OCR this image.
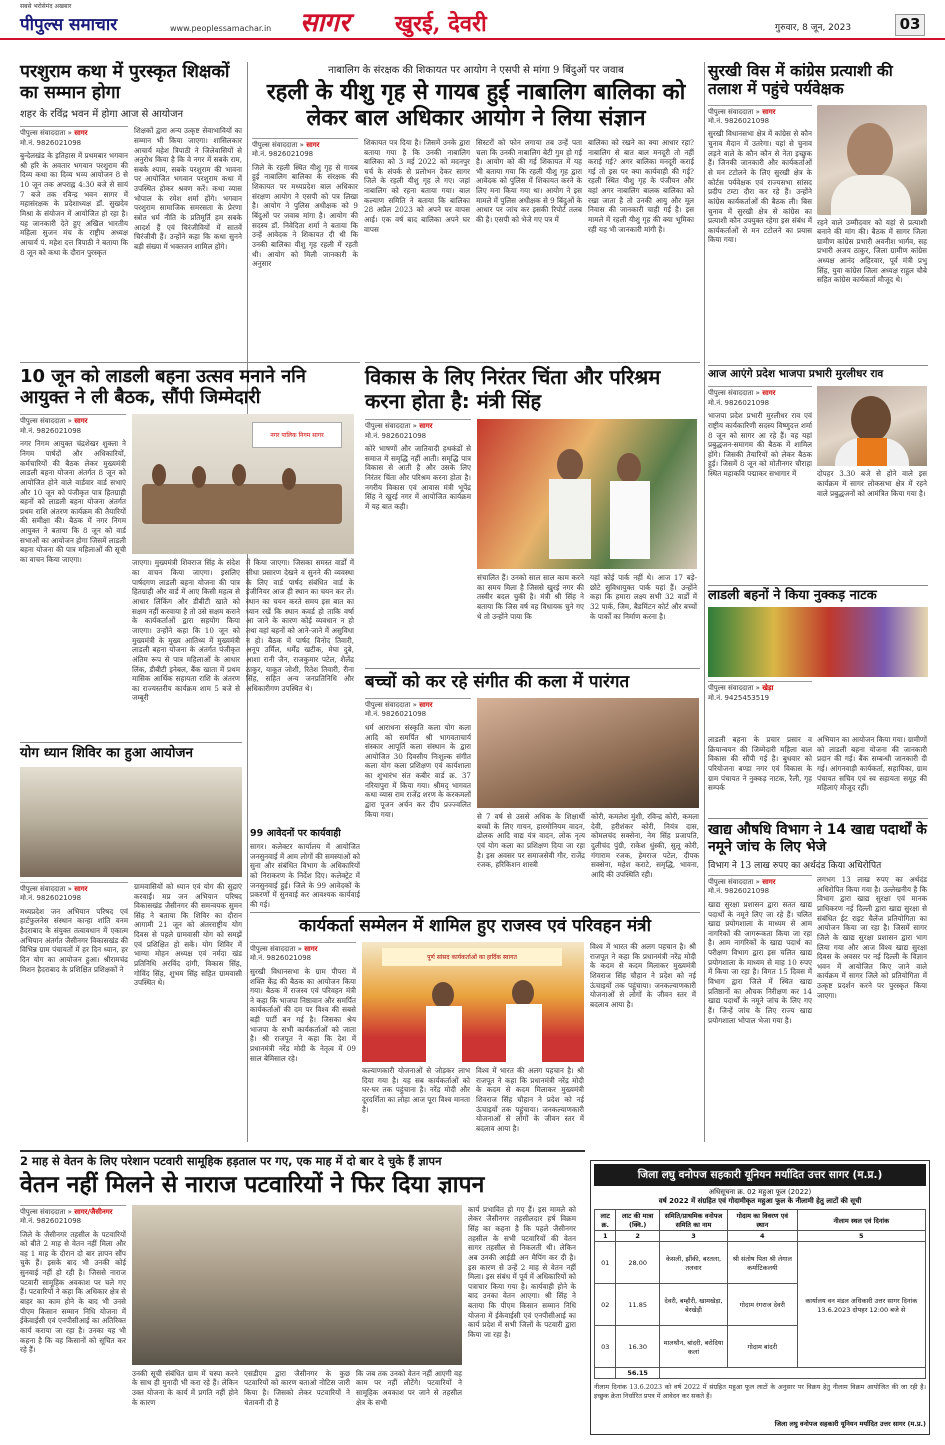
पीपुल्स समाचार	www.peoplessamachar.in
सबसे भरोसेमंद अखबार
सागर	खुरई, देवरी	गुरुवार, 8 जून, 2023	03
परशुराम कथा में पुरस्कृत शिक्षकों का सम्मान होगा
शहर के रविंद्र भवन में होगा आज से आयोजन
पीपुल्स संवाददाता » सागर
मो.नं. 9826021098
बुन्देलखंड के इतिहास में प्रथमबार भगवान श्री हरि के अवतार भगवान परशुराम की दिव्य कथा का दिव्य भव्य आयोजन 8 से 10 जून तक अपराह्न 4:30 बजे से सायं 7 बजे तक रविन्द्र भवन सागर में महासंरक्षक के प्रदेशाध्यक्ष डॉ. सुखदेव मिश्रा के संयोजन में आयोजित हो रहा है। यह जानकारी देते हुए अखिल भारतीय महिला सुजन मंच के राष्ट्रीय अध्यक्ष आचार्य पं. महेश दत्त त्रिपाठी ने बताया कि 8 जून को कथा के दौरान पुरस्कृत
शिक्षकों द्वारा अन्य उत्कृष्ट सेवाभावियों का सम्मान भी किया जाएगा। शासिलकार आचार्य महेश त्रिपाठी ने जिलेवासियों से अनुरोध किया है कि वे नगर में सबके राम, सबके श्याम, सबके परशुराम की भावना पर आयोजित भगवान परशुराम कथा में उपस्थित होकर श्रवण करें। कथा व्यास भोपाल के रमेश शर्मा होंगे। भगवान परशुराम सामाजिक समरसता के प्रेरणा स्त्रोत धर्म नीति के प्रतिमूर्ति हम सबके आदर्श हैं एवं चिरंजीवियों में सातवें चिरंजीवी हैं। उन्होंने कहा कि कथा सुनने बड़ी संख्या में भक्तजन शामिल होंगे।
नाबालिग के संरक्षक की शिकायत पर आयोग ने एसपी से मांगा 9 बिंदुओं पर जवाब
रहली के यीशु गृह से गायब हुई नाबालिग बालिका को लेकर बाल अधिकार आयोग ने लिया संज्ञान
पीपुल्स संवाददाता » सागर
मो.नं. 9826021098
जिले के रहली स्थित यीशु गृह से गायब हुई नाबालिग बालिका के संरक्षक की शिकायत पर मध्यप्रदेश बाल अधिकार संरक्षण आयोग ने एसपी को पत्र लिखा है। आयोग ने पुलिस अधीक्षक को 9 बिंदुओं पर जवाब मांगा है। आयोग की सदस्य डॉ. निवेदिता शर्मा ने बताया कि उन्हें आवेदक ने शिकायत दी थी कि उनकी बालिका यीशु गृह रहली में रहती थी। आयोग को मिली जानकारी के अनुसार
शिकायत पत्र दिया है। जिसमें उनके द्वारा बताया गया है कि उनकी नाबालिग बालिका को 3 मई 2022 को मदनपुर चर्च के संपर्क से प्रलोभन देकर सागर जिले के रहली यीशु गृह ले गए। जहां नाबालिग को रहना बताया गया। बाल कल्याण समिति ने बताया कि बालिका 28 अप्रैल 2023 को अपने घर वापस आई। एक वर्ष बाद बालिका अपने घर वापस
सिस्टरों को फोन लगाया तब उन्हें पता चला कि उनकी नाबालिग बेटी गुम हो गई है। आयोग को की गई शिकायत में यह भी बताया गया कि रहली यीशु गृह द्वारा आवेदक को पुलिस में शिकायत करने के लिए मना किया गया था। आयोग ने इस मामले में पुलिस अधीक्षक से 9 बिंदुओं के आधार पर जांच कर इसकी रिपोर्ट तलब की है। एसपी को भेजे गए पत्र में
बालिका को रखने का क्या आधार रहा? नाबालिग से बात बाल मनदूरी तो नहीं कराई गई? अगर बालिका मनदूरी कराई गई तो इस पर क्या कार्यवाही की गई? रहली स्थित यीशु गृह के पंजीयन और वहां अगर नाबालिग बालक बालिका को रखा जाता है तो उनकी आयु और मूल निवास की जानकारी चाही गई है। इस मामले में रहली यीशु गृह की क्या भूमिका रही यह भी जानकारी मांगी है।
सुरखी विस में कांग्रेस प्रत्याशी की तलाश में पहुंचे पर्यवेक्षक
पीपुल्स संवाददाता » सागर
मो.नं. 9826021098
सुरखी विधानसभा क्षेत्र में कांग्रेस से कौन चुनाव मैदान में उतरेगा। यहां से चुनाव लड़ने वाले के कौन कौन से नेता इच्छुक हैं। जिनकी जानकारी और कार्यकर्ताओं से मन टटोलने के लिए सुरखी क्षेत्र के कोर्टस पर्यवेक्षक एवं राज्यसभा सांसद प्रदीप टम्टा दौरा कर रहे हैं। उन्होंने कांग्रेस कार्यकर्ताओं की बैठक ली। बिस चुनाव में सुरखी क्षेत्र से कांग्रेस का प्रत्याशी कौन उपयुक्त रहेगा इस संबंध में कार्यकर्ताओं से मन टटोलने का प्रयास किया गया।
रहने वाले उम्मीदवार को यहां से प्रत्याशी बनाने की मांग की। बैठक में सागर जिला ग्रामीण कांग्रेस प्रभारी अवनीश भार्गव, सह प्रभारी अजय ठाकुर, जिला ग्रामीण कांग्रेस अध्यक्ष आनंद अहिरवार, पूर्व मंत्री प्रभु सिंह, युवा कांग्रेस जिला अध्यक्ष राहुल चौबे सहित कांग्रेस कार्यकर्ता मौजूद थे।
आज आएंगे प्रदेश भाजपा प्रभारी मुरलीधर राव
पीपुल्स संवाददाता » सागर
मो.नं. 9826021098
भाजपा प्रदेश प्रभारी मुरलीधर राव एवं राष्ट्रीय कार्यकारिणी सदस्य विष्णुदत्त शर्मा 8 जून को सागर आ रहे हैं। वह यहां प्रबुद्धजन-समागम की बैठक में शामिल होंगे। जिसकी तैयारियों को लेकर बैठक हुई। जिसमें 8 जून को मोतीनगर चौराहा स्थित महाकवि पद्माकर सभागार में	दोपहर 3.30 बजे से होने वाले इस कार्यक्रम में सागर लोकसभा क्षेत्र में रहने वाले प्रबुद्धजनों को आमंत्रित किया गया है।
10 जून को लाडली बहना उत्सव मनाने ननि आयुक्त ने ली बैठक, सौंपी जिम्मेदारी
पीपुल्स संवाददाता » सागर
मो.नं. 9826021098
नगर निगम आयुक्त चंद्रशेखर शुक्ला ने निगम पार्षदों और अधिकारियों, कर्मचारियों की बैठक लेकर मुख्यमंत्री लाडली बहना योजना अंतर्गत 8 जून को आयोजित होने वाले वार्डवार वार्ड सभाएं और 10 जून को पंजीकृत पात्र हितग्राही बहनों को लाडली बहना योजना अंतर्गत प्रथम राशि अंतरण कार्यक्रम की तैयारियों की समीक्षा की। बैठक में नगर निगम आयुक्त ने बताया कि 8 जून को वार्ड सभाओं का आयोजन होगा जिसमें लाडली बहना योजना की पात्र महिलाओं की सूची का वाचन किया जाएगा।
नगर पालिक निगम सागर
जाएगा। मुख्यमंत्री शिवराज सिंह के संदेश का वाचन किया जाएगा। इसलिए पार्षदगण लाडली बहना योजना की पात्र हितग्राही और वार्ड में आए किसी महत्व से आधार लिंकिंग और डीबीटी खाते को सक्षम नहीं करवाया है तो उसे सक्षम कराने के कार्यकर्ताओं द्वारा सहयोग किया जाएगा। उन्होंने कहा कि 10 जून को मुख्यमंत्री के मुख्य आतिथ्य में मुख्यमंत्री लाडली बहना योजना के अंतर्गत पंजीकृत अंतिम रूप से पात्र महिलाओं के आधार लिंक, डीबीटी इनेबल, बैंक खाता में प्रथम मासिक आर्थिक सहायता राशि के अंतरण का राज्यस्तरीय कार्यक्रम शाम 5 बजे से जम्बूरी
में किया जाएगा। जिसका समस्त वार्डों में सीधा प्रसारण देखने व सुनने की व्यवस्था के लिए वार्ड पार्षद संबंधित वार्ड के इंजीनियर आज ही स्थान का चयन कर लें। स्थान का चयन करते समय इस बात का ध्यान रखें कि स्थान कवर्ड हो ताकि वर्षा आ जाने के कारण कोई व्यवधान न हो तथा वहां बहनों को आने-जाने में असुविधा न हो। बैठक में पार्षद विनोद तिवारी, अनूप उर्मिल, धर्मेंद्र खटीक, मेघा दुबे, आशा रानी जैन, राजकुमार पटेल, शैलेंद्र ठाकुर, याकूत जोशी, रितेश तिवारी, रीना सिंह, सहित अन्य जनप्रतिनिधि और अधिकारीगण उपस्थित थे।
विकास के लिए निरंतर चिंता और परिश्रम करना होता है: मंत्री सिंह
पीपुल्स संवाददाता » सागर
मो.नं. 9826021098
कोरे भाषणों और जातिवादी हथकंडों से समाज में समृद्धि नहीं आती। समृद्धि पात्र विकास से आती है और उसके लिए निरंतर चिंता और परिश्रम करना होता है। नगरीय विकास एवं आवास मंत्री भूपेंद्र सिंह ने खुरई नगर में आयोजित कार्यक्रम में यह बात कही।
संचालित हैं। उनको साल साल काम करने का समय मिला है जिससे खुरई नगर की तस्वीर बदल चुकी है। मंत्री श्री सिंह ने बताया कि जिस वर्ष वह विधायक चुने गए थे तो उन्होंने पाया कि
यहां कोई पार्क नहीं थे। आज 17 बड़े- छोटे सुविधायुक्त पार्क यहां हैं। उन्होंने कहा कि हमारा लक्ष्य सभी 32 वार्डों में 32 पार्क, जिम, बैडमिंटन कोर्ट और बच्चों के पार्कों का निर्माण करना है।
बच्चों को कर रहे संगीत की कला में पारंगत
पीपुल्स संवाददाता » सागर
मो.नं. 9826021098
धर्म आराधना संस्कृति कला योग कला आदि को समर्पित श्री भागवताचार्य संस्कार आपूर्ति कला संस्थान के द्वारा आयोजित 30 दिवसीय निःशुल्क संगीत कला योग कला प्रशिक्षण एवं कार्यशाला का शुभारंभ संत कबीर वार्ड क्र. 37 नरियापुरा में किया गया। श्रीमद् भागवत कथा व्यास राम राजेंद्र शरण के करकमलों द्वारा पूजन अर्चन कर दीप प्रज्ज्वलित किया गया।	से 7 वर्ष से उससे अधिक के शिक्षार्थी बच्चों के लिए गायन, हारमोनियम वादन, ढोलक आदि वाद्य यंत्र वादन, लोक नृत्य एवं योग कला का प्रशिक्षण दिया जा रहा है। इस अवसर पर समाजसेवी गौर, राजेंद्र रजक, हरिकिशन शास्त्री
कोरी, कमलेश मुंशी, रविन्द्र कोरी, कमला देवी, हरीशंकर कोरी, नियंत्र दास, कोमलचंद सक्सेना, नेम सिंह प्रजापति, दुलीचंद पुंग्री, राकेश धुंस्की, सुलू कोरी, गंगाराम रजक, हेमराज पटेल, दीपक सक्सेना, महेश कराटे, समृद्धि, भावना, आदि की उपस्थिति रही।
99 आवेदनों पर कार्यवाही
सागर। कलेक्टर कार्यालय में आयोजित जनसुनवाई में आम लोगों की समस्याओं को सुना और संबंधित विभाग के अधिकारियों को निराकरण के निर्देश दिए। कलेक्ट्रेट में जनसुनवाई हुई। जिले के 99 आवेदकों के प्रकरणों में सुनवाई कर आवश्यक कार्यवाई की गई।
योग ध्यान शिविर का हुआ आयोजन
पीपुल्स संवाददाता » सागर
मो.नं. 9826021098
मध्यप्रदेश जन अभियान परिषद एवं हार्टफुलनेस संस्थान कान्हा शांति वनम हैदराबाद के संयुक्त तत्वावधान में एकात्म अभियान अंतर्गत जैसीनगर विकासखंड की विभिन्न ग्राम पंचायतों में हर दिन ध्यान, हर दिन योग का आयोजन हुआ। श्रीरामचंद्र मिशन हैदराबाद के प्रशिक्षित प्रशिक्षकों ने
ग्रामवासियों को ध्यान एवं योग की सुद्राएं करवाईं। मप्र जन अभियान परिषद विकासखंड जैसीनगर की समन्वयक सुमन सिंह ने बताया कि शिविर का दौरान आगामी 21 जून को अंतरराष्ट्रीय योग दिवस से पहले ग्रामवासी योग को समझें एवं प्रशिक्षित हो सकें। योग शिविर में भाग्या मोहन अध्यक्ष एवं नर्मदा खंड प्रतिनिधि अरविंद दांगी, विकास सिंह, गोविंद सिंह, शुभम सिंह सहित ग्रामवासी उपस्थित थे।
कार्यकर्ता सम्मेलन में शामिल हुए राजस्व एवं परिवहन मंत्री
पीपुल्स संवाददाता » सागर
मो.नं. 9826021098
सुरखी विधानसभा के ग्राम पीपरा में शक्ति केंद्र की बैठक का आयोजन किया गया। बैठक में राजस्व एवं परिवहन मंत्री ने कहा कि भाजपा निष्ठावान और समर्पित कार्यकर्ताओं की दम पर विश्व की सबसे बड़ी पार्टी बन गई है। जिसका श्रेय भाजपा के सभी कार्यकर्ताओं को जाता है। श्री राजपूत ने कहा कि देश में प्रधानमंत्री नरेंद्र मोदी के नेतृत्व में 09 साल बेमिसाल रहे।
पूर्ण सांसद कार्यकर्ताओं का हार्दिक स्वागत
कल्याणकारी योजनाओं से जोड़कर लाभ दिया गया है। यह सब कार्यकर्ताओं को घर-घर तक पहुंचाना है। नरेंद्र मोदी और दूरदर्शिता का लोहा आज पूरा विश्व मानता है।
विश्व में भारत की अलग पहचान है। श्री राजपूत ने कहा कि प्रधानमंत्री नरेंद्र मोदी के कदम से कदम मिलाकर मुख्यमंत्री शिवराज सिंह चौहान ने प्रदेश को नई ऊंचाइयों तक पहुंचाया। जनकल्याणकारी योजनाओं से लोगों के जीवन स्तर में बदलाव आया है।
विश्व में भारत की अलग पहचान है। श्री राजपूत ने कहा कि प्रधानमंत्री नरेंद्र मोदी के कदम से कदम मिलाकर मुख्यमंत्री शिवराज सिंह चौहान ने प्रदेश को नई ऊंचाइयों तक पहुंचाया। जनकल्याणकारी योजनाओं से लोगों के जीवन स्तर में बदलाव आया है।
लाडली बहनों ने किया नुक्कड़ नाटक
पीपुल्स संवाददाता » खेड़ा
मो.नं. 9425453519
लाडली बहना के प्रचार प्रसार व क्रियान्वयन की जिम्मेदारी महिला बाल विकास की सौंपी गई है। बुधवार को परियोजना बण्डा नगर एवं विकास के ग्राम पंचायत ने नुक्कड़ नाटक, रैली, गृह सम्पर्क
अभियान का आयोजन किया गया। ग्रामीणों को लाडली बहना योजना की जानकारी प्रदान की गई। बैंक सम्बन्धी जानकारी दी गई। आंगनवाड़ी कार्यकर्ता, सहायिका, ग्राम पंचायत सचिव एवं स्व सहायता समूह की महिलाएं मौजूद रहीं।
खाद्य औषधि विभाग ने 14 खाद्य पदार्थों के नमूने जांच के लिए भेजे
विभाग ने 13 लाख रुपए का अर्थदंड किया अधिरोपित
पीपुल्स संवाददाता » सागर
मो.नं. 9826021098
खाद्य सुरक्षा प्रशासन द्वारा सतत खाद्य पदार्थों के नमूने लिए जा रहे हैं। चलित खाद्य प्रयोगशाला के माध्यम से आम नागरिकों की जागरूकता किया जा रहा है। आम नागरिकों के खाद्य पदार्थ का परीक्षण विभाग द्वारा इस चलित खाद्य प्रयोगशाला के माध्यम से माह 10 रुपए में किया जा रहा है। विगत 15 दिवस में विभाग द्वारा जिले में स्थित खाद्य प्रतिष्ठानों का औचक निरीक्षण कर 14 खाद्य पदार्थों के नमूने जांच के लिए गए हैं। जिन्हें जांच के लिए राज्य खाद्य प्रयोगशाला भोपाल भेजा गया है।
लगभग 13 लाख रुपए का अर्थदंड अधिरोपित किया गया है। उल्लेखनीय है कि विभाग द्वारा खाद्य सुरक्षा एवं मानक प्राधिकरण नई दिल्ली द्वारा खाद्य सुरक्षा से संबंधित ईट राइट चैलेंज प्रतियोगिता का आयोजन किया जा रहा है। जिसमें सागर जिले के खाद्य सुरक्षा प्रशासन द्वारा भाग लिया गया और आज विश्व खाद्य सुरक्षा दिवस के अवसर पर नई दिल्ली के विज्ञान भवन में आयोजित किए जाने वाले कार्यक्रम में सागर जिले को प्रतियोगिता में उत्कृष्ट प्रदर्शन करने पर पुरस्कृत किया जाएगा।
2 माह से वेतन के लिए परेशान पटवारी सामूहिक हड़ताल पर गए, एक माह में दो बार दे चुके हैं ज्ञापन
वेतन नहीं मिलने से नाराज पटवारियों ने फिर दिया ज्ञापन
पीपुल्स संवाददाता » सागर/जैसीनगर
मो.नं. 9826021098
जिले के जैसीनगर तहसील के पटवारियों को बीते 2 माह से वेतन नहीं मिला और वह 1 माह के दौरान दो बार ज्ञापन सौंप चुके हैं। इसके बाद भी उनकी कोई सुनवाई नहीं हो रही है। जिससे नाराज पटवारी सामूहिक अवकाश पर चले गए हैं। पटवारियों ने कहा कि अधिकार क्षेत्र से बाहर का काम होने के बाद भी उनसे पीएम किसान सम्मान निधि योजना में ईकेवाईसी एवं एनपीसीआई का अतिरिक्त कार्य कराया जा रहा है। उनका यह भी कहना है कि वह किसानों को सूचित कर रहे हैं।
उनकी सूची संबंधित ग्राम में चस्पा करने के साथ ही मुनादी भी करा रहे हैं। लेकिन उक्त योजना के कार्य में प्रगति नहीं होने के कारण
एसडीएम द्वारा जैसीनगर के कुछ पटवारियों को कारण बताओ नोटिस जारी किया है। जिसको लेकर पटवारियों ने चेतावनी दी है
कि जब तक उनको वेतन नहीं आएगी वह काम पर नहीं लौटेंगे। पटवारियों ने सामूहिक अवकाश पर जाने से तहसील क्षेत्र के सभी
कार्य प्रभावित हो गए हैं। इस मामले को लेकर जैसीनगर तहसीलदार हर्ष विक्रम सिंह का कहना है कि पहले जैसीनगर तहसील के सभी पटवारियों की वेतन सागर तहसील से निकलती थी। लेकिन अब उनकी आईडी अन मैपिंग कर दी है। इस कारण से उन्हें 2 माह से वेतन नहीं मिला। इस संबंध में पूर्व में अधिकारियों को पत्राचार किया गया है। कार्यवाही होने के बाद उनका वेतन आएगा। श्री सिंह ने बताया कि पीएम किसान सम्मान निधि योजना में ईकेवाईसी एवं एनपीसीआई का कार्य प्रदेश में सभी जिलों के पटवारी द्वारा किया जा रहा है।
जिला लघु वनोपज सहकारी यूनियन मर्यादित उत्तर सागर (म.प्र.)
अधिसूचना क्र. 02 महुआ फूल (2022)
वर्ष 2022 में संग्रहित एवं गोदामीकृत महुआ फूल के नीलामी हेतु लाटों की सूची
लाट क्र.	लाट की मात्रा (क्वि.)	समिति/प्राथमिक वनोपज समिति का नाम	गोदाम का विवरण एवं स्थान	नीलाम स्थल एवं दिनांक
1	2	3	4	5
01	28.00	केसली, झींकी, बरतला, तलवार	श्री संतोष पिता श्री लेगाल कर्माटिकलयी	कार्यालय वन मंडल अधिकारी उत्तर सागर दिनांक 13.6.2023 दोपहर 12:00 बजे से
02	11.85	देवरी, बम्हौरी, खामखेड़ा, बेरखेड़ी	गोदाम रंगराज देवरी	
03	16.30	मालथौन, बांदरी, बरोदिया कलां	गोदाम बांदरी	
	56.15			
नीलाम दिनांक 13.6.2023 को वर्ष 2022 में संग्रहित महुआ फूल लाटों के अनुसार पर विक्रय हेतु नीलाम विक्रम आयोजित की जा रही है। इच्छुक क्रेता निर्धारित प्रपत्र में आवेदन कर सकते हैं।
जिला लघु वनोपज सहकारी यूनियन मर्यादित उत्तर सागर (म.प्र.)
